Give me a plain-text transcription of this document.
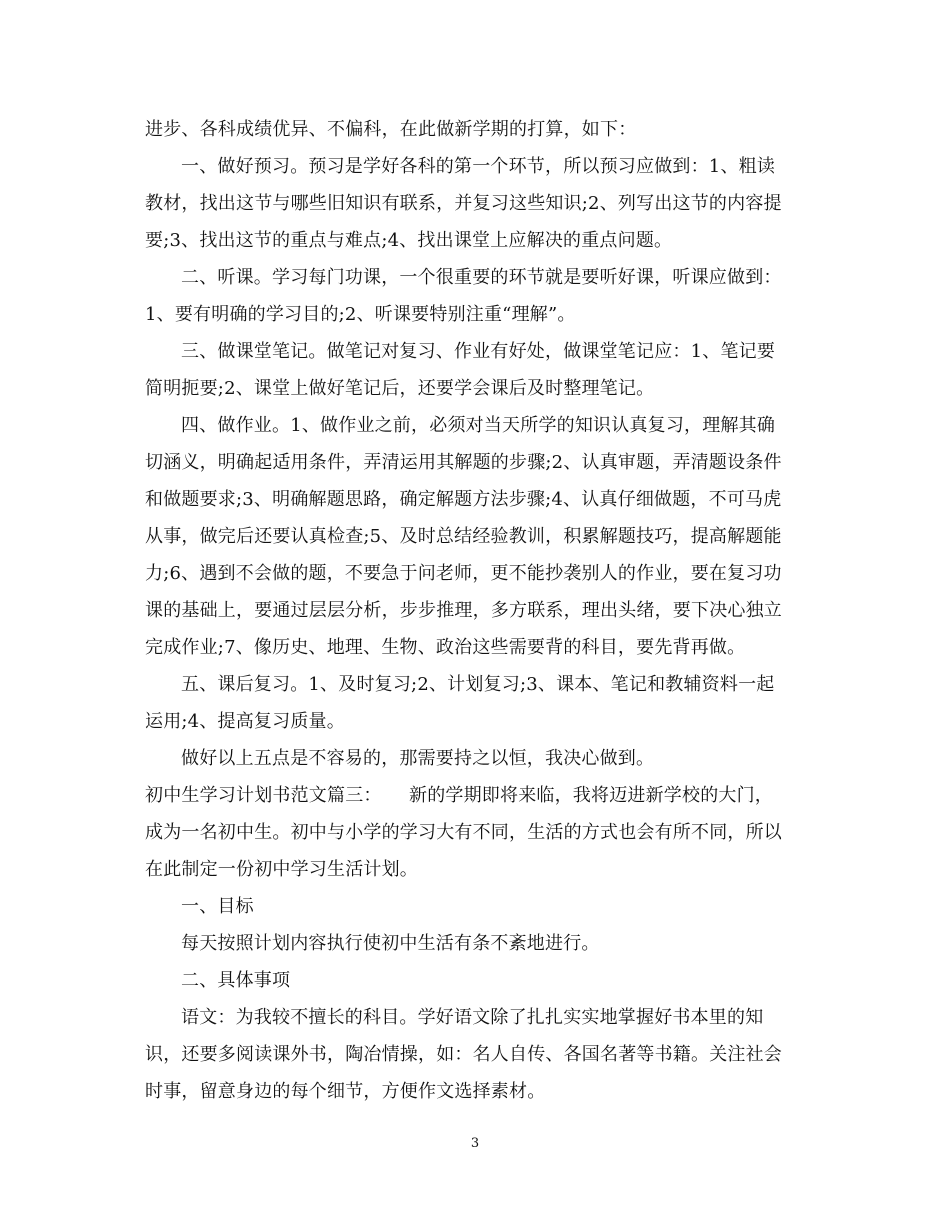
进步、各科成绩优异、不偏科，在此做新学期的打算，如下：
一、做好预习。预习是学好各科的第一个环节，所以预习应做到：1、粗读
教材，找出这节与哪些旧知识有联系，并复习这些知识;2、列写出这节的内容提
要;3、找出这节的重点与难点;4、找出课堂上应解决的重点问题。
二、听课。学习每门功课，一个很重要的环节就是要听好课，听课应做到：
1、要有明确的学习目的;2、听课要特别注重“理解”。
三、做课堂笔记。做笔记对复习、作业有好处，做课堂笔记应：1、笔记要
简明扼要;2、课堂上做好笔记后，还要学会课后及时整理笔记。
四、做作业。1、做作业之前，必须对当天所学的知识认真复习，理解其确
切涵义，明确起适用条件，弄清运用其解题的步骤;2、认真审题，弄清题设条件
和做题要求;3、明确解题思路，确定解题方法步骤;4、认真仔细做题，不可马虎
从事，做完后还要认真检查;5、及时总结经验教训，积累解题技巧，提高解题能
力;6、遇到不会做的题，不要急于问老师，更不能抄袭别人的作业，要在复习功
课的基础上，要通过层层分析，步步推理，多方联系，理出头绪，要下决心独立
完成作业;7、像历史、地理、生物、政治这些需要背的科目，要先背再做。
五、课后复习。1、及时复习;2、计划复习;3、课本、笔记和教辅资料一起
运用;4、提高复习质量。
做好以上五点是不容易的，那需要持之以恒，我决心做到。
初中生学习计划书范文篇三：　　新的学期即将来临，我将迈进新学校的大门，
成为一名初中生。初中与小学的学习大有不同，生活的方式也会有所不同，所以
在此制定一份初中学习生活计划。
一、目标
每天按照计划内容执行使初中生活有条不紊地进行。
二、具体事项
语文：为我较不擅长的科目。学好语文除了扎扎实实地掌握好书本里的知
识，还要多阅读课外书，陶冶情操，如：名人自传、各国名著等书籍。关注社会
时事，留意身边的每个细节，方便作文选择素材。
3
